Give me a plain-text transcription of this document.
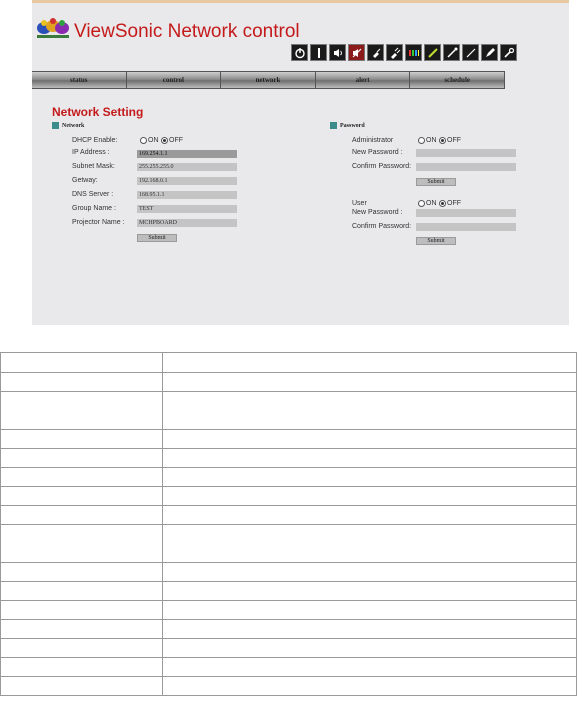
ViewSonic Network control
status	control	network	alert	schedule
Network Setting
Network
DHCP Enable:	ON OFF
IP Address :	169.254.1.1
Subnet Mask:	255.255.255.0
Getway:	192.168.0.1
DNS Server :	168.95.1.1
Group Name :	TEST
Projector Name :	MCHPBOARD
Submit
Password
Administrator	ON OFF
New Password :
Confirm Password:
Submit
User	ON OFF
New Password :
Confirm Password:
Submit
